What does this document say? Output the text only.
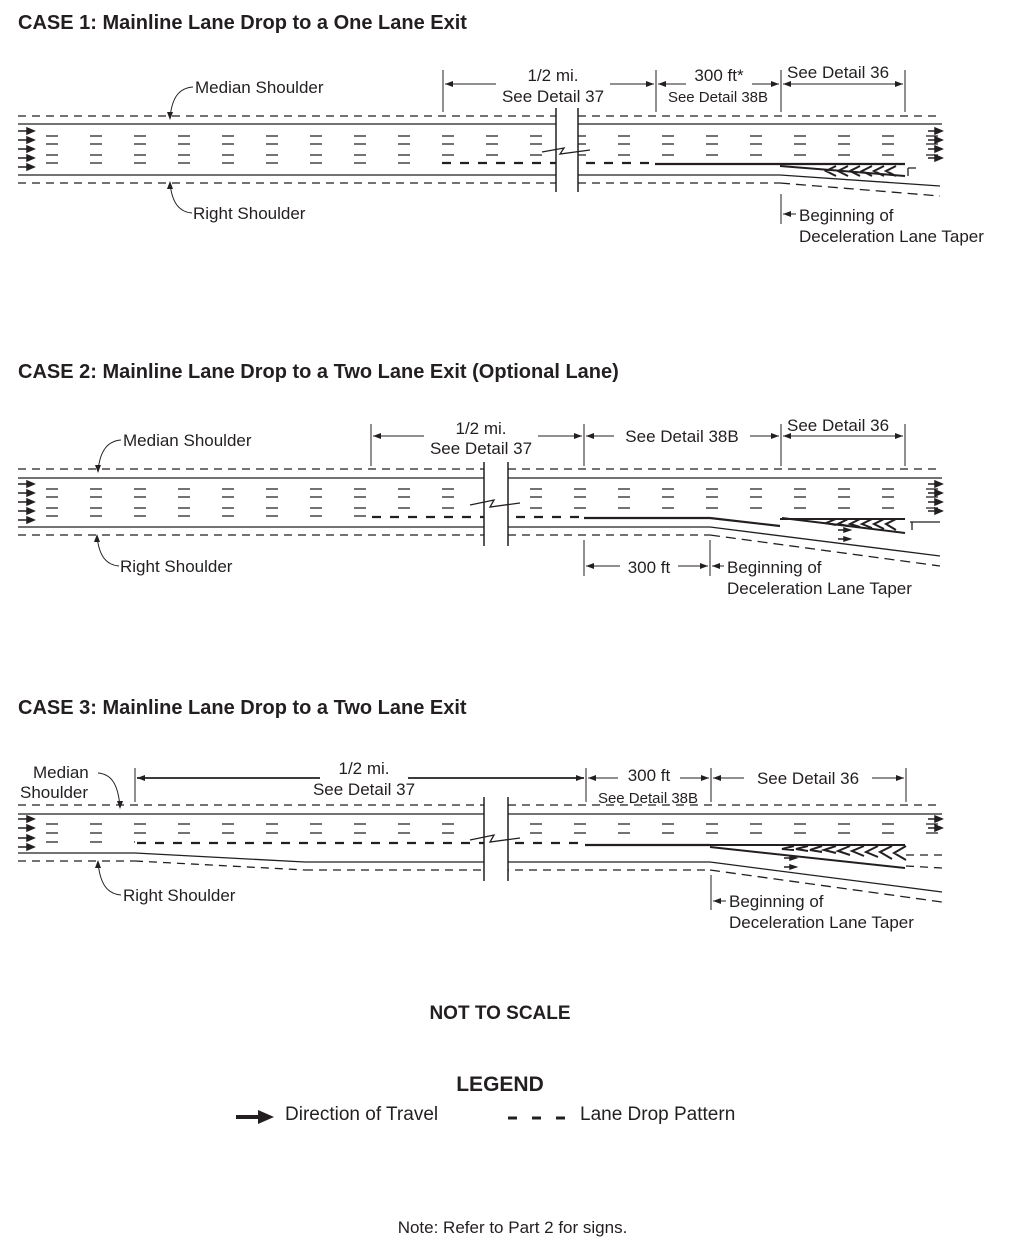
CASE 1: Mainline Lane Drop to a One Lane Exit
Median Shoulder
Right Shoulder
1/2 mi.
See Detail 37
300 ft*
See Detail 38B
See Detail 36
Beginning of
Deceleration Lane Taper
CASE 2: Mainline Lane Drop to a Two Lane Exit (Optional Lane)
Median Shoulder
Right Shoulder
1/2 mi.
See Detail 37
See Detail 38B
See Detail 36
300 ft	Beginning of
Deceleration Lane Taper
CASE 3: Mainline Lane Drop to a Two Lane Exit
Median
Shoulder
Right Shoulder
1/2 mi.
See Detail 37
300 ft
See Detail 38B
See Detail 36
Beginning of
Deceleration Lane Taper
NOT TO SCALE
LEGEND
Direction of Travel	Lane Drop Pattern
Note: Refer to Part 2 for signs.
